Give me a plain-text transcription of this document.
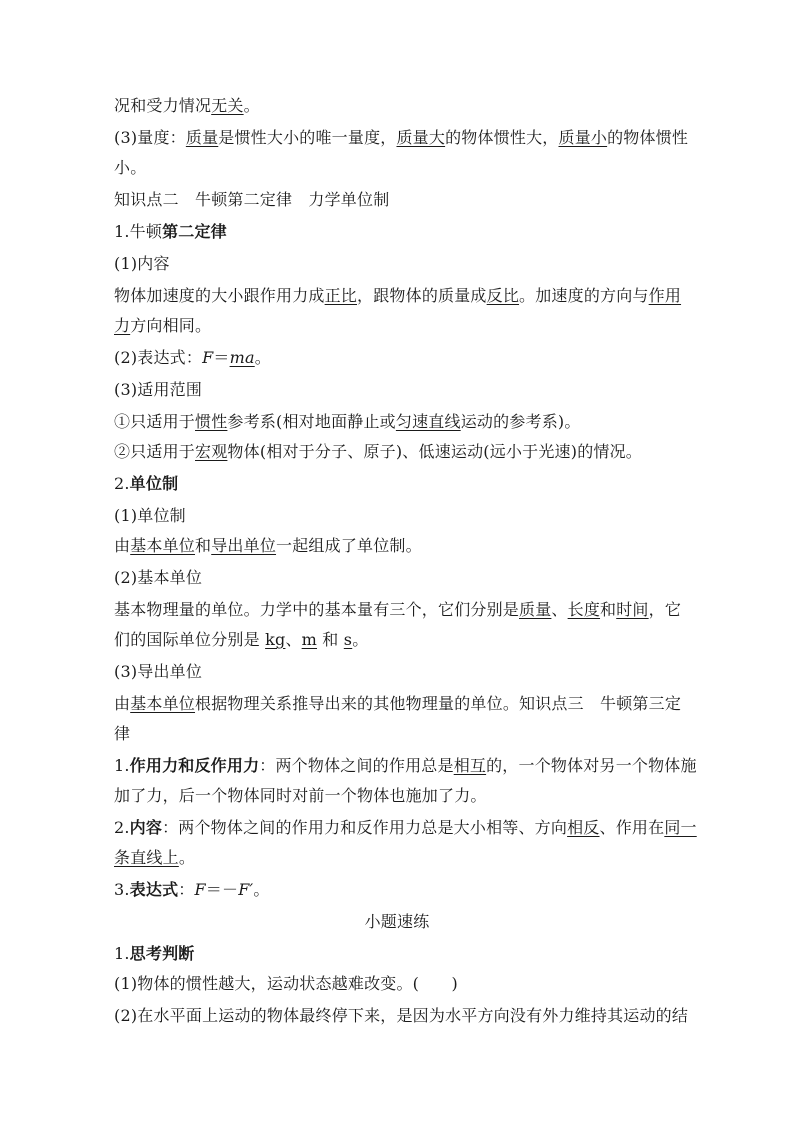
况和受力情况无关。
(3)量度：质量是惯性大小的唯一量度，质量大的物体惯性大，质量小的物体惯性
小。
知识点二　牛顿第二定律　力学单位制
1.牛顿第二定律
(1)内容
物体加速度的大小跟作用力成正比，跟物体的质量成反比。加速度的方向与作用
力方向相同。
(2)表达式：F＝ma。
(3)适用范围
①只适用于惯性参考系(相对地面静止或匀速直线运动的参考系)。
②只适用于宏观物体(相对于分子、原子)、低速运动(远小于光速)的情况。
2.单位制
(1)单位制
由基本单位和导出单位一起组成了单位制。
(2)基本单位
基本物理量的单位。力学中的基本量有三个，它们分别是质量、长度和时间，它
们的国际单位分别是 kg、m 和 s。
(3)导出单位
由基本单位根据物理关系推导出来的其他物理量的单位。知识点三　牛顿第三定
律
1.作用力和反作用力：两个物体之间的作用总是相互的，一个物体对另一个物体施
加了力，后一个物体同时对前一个物体也施加了力。
2.内容：两个物体之间的作用力和反作用力总是大小相等、方向相反、作用在同一
条直线上。
3.表达式：F＝－F′。
小题速练
1.思考判断
(1)物体的惯性越大，运动状态越难改变。(　　)
(2)在水平面上运动的物体最终停下来，是因为水平方向没有外力维持其运动的结
